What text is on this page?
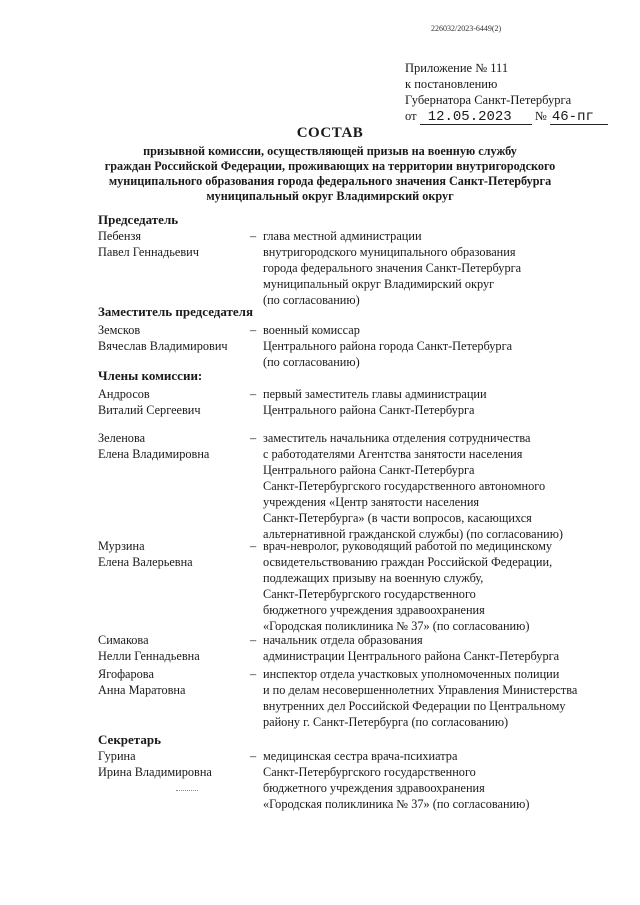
226032/2023-6449(2)
Приложение № 111
к постановлению
Губернатора Санкт-Петербурга
от 12.05.2023 № 46-пг
СОСТАВ
призывной комиссии, осуществляющей призыв на военную службу
граждан Российской Федерации, проживающих на территории внутригородского
муниципального образования города федерального значения Санкт-Петербурга
муниципальный округ Владимирский округ
Председатель
Пебензя
Павел Геннадьевич
– глава местной администрации
внутригородского муниципального образования
города федерального значения Санкт-Петербурга
муниципальный округ Владимирский округ
(по согласованию)
Заместитель председателя
Земсков
Вячеслав Владимирович
– военный комиссар
Центрального района города Санкт-Петербурга
(по согласованию)
Члены комиссии:
Андросов
Виталий Сергеевич
– первый заместитель главы администрации
Центрального района Санкт-Петербурга
Зеленова
Елена Владимировна
– заместитель начальника отделения сотрудничества
с работодателями Агентства занятости населения
Центрального района Санкт-Петербурга
Санкт-Петербургского государственного автономного
учреждения «Центр занятости населения
Санкт-Петербурга» (в части вопросов, касающихся
альтернативной гражданской службы) (по согласованию)
Мурзина
Елена Валерьевна
– врач-невролог, руководящий работой по медицинскому
освидетельствованию граждан Российской Федерации,
подлежащих призыву на военную службу,
Санкт-Петербургского государственного
бюджетного учреждения здравоохранения
«Городская поликлиника № 37» (по согласованию)
Симакова
Нелли Геннадьевна
– начальник отдела образования
администрации Центрального района Санкт-Петербурга
Ягофарова
Анна Маратовна
– инспектор отдела участковых уполномоченных полиции
и по делам несовершеннолетних Управления Министерства
внутренних дел Российской Федерации по Центральному
району г. Санкт-Петербурга (по согласованию)
Секретарь
Гурина
Ирина Владимировна
– медицинская сестра врача-психиатра
Санкт-Петербургского государственного
бюджетного учреждения здравоохранения
«Городская поликлиника № 37» (по согласованию)
